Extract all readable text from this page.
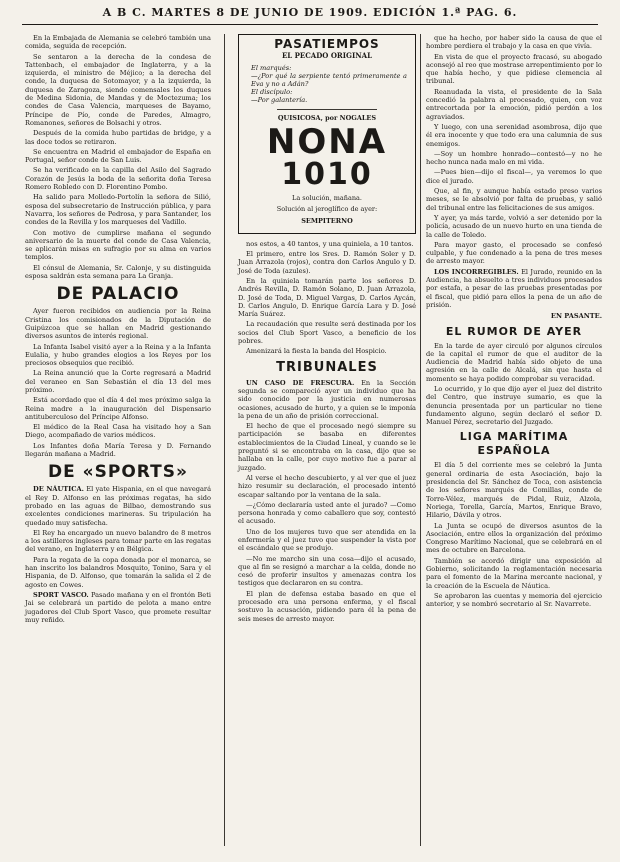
A B C. MARTES 8 DE JUNIO DE 1909. EDICIÓN 1.ª PAG. 6.

En la Embajada de Alemania se celebró también una comida, seguida de recepción.

Se sentaron a la derecha de la condesa de Tattenbach, el embajador de Inglaterra, y a la izquierda, el ministro de Méjico; a la derecha del conde, la duquesa de Sotomayor, y a la izquierda, la duquesa de Zaragoza, siendo comensales los duques de Medina Sidonia, de Mandas y de Moctezuma; los condes de Casa Valencia, marqueses de Bayamo, Príncipe de Pío, conde de Paredes, Almagro, Romanones, señores de Bolsachi y otros.

Después de la comida hubo partidas de bridge, y a las doce todos se retiraron.

Se encuentra en Madrid el embajador de España en Portugal, señor conde de San Luis.

Se ha verificado en la capilla del Asilo del Sagrado Corazón de Jesús la boda de la señorita doña Teresa Romero Robledo con D. Florentino Pombo.

Ha salido para Molledo-Portolín la señora de Silió, esposa del subsecretario de Instrucción pública, y para Navarra, los señores de Pedrosa, y para Santander, los condes de la Revilla y los marqueses del Vadillo.

Con motivo de cumplirse mañana el segundo aniversario de la muerte del conde de Casa Valencia, se aplicarán misas en sufragio por su alma en varios templos.

El cónsul de Alemania, Sr. Calonje, y su distinguida esposa saldrán esta semana para La Granja.

DE PALACIO

Ayer fueron recibidos en audiencia por la Reina Cristina los comisionados de la Diputación de Guipúzcoa que se hallan en Madrid gestionando diversos asuntos de interés regional.

La Infanta Isabel visitó ayer a la Reina y a la Infanta Eulalia, y hubo grandes elogios a los Reyes por los preciosos obsequios que recibió.

La Reina anunció que la Corte regresará a Madrid del veraneo en San Sebastián el día 13 del mes próximo.

Está acordado que el día 4 del mes próximo salga la Reina madre a la inauguración del Dispensario antituberculoso del Príncipe Alfonso.

El médico de la Real Casa ha visitado hoy a San Diego, acompañado de varios médicos.

Los Infantes doña María Teresa y D. Fernando llegarán mañana a Madrid.

DE «SPORTS»

DE NÁUTICA. El yate Hispania, en el que navegará el Rey D. Alfonso en las próximas regatas, ha sido probado en las aguas de Bilbao, demostrando sus excelentes condiciones marineras. Su tripulación ha quedado muy satisfecha.

El Rey ha encargado un nuevo balandro de 8 metros a los astilleros ingleses para tomar parte en las regatas del verano, en Inglaterra y en Bélgica.

Para la regata de la copa donada por el monarca, se han inscrito los balandros Mosquito, Tonino, Sara y el Hispania, de D. Alfonso, que tomarán la salida el 2 de agosto en Cowes.

SPORT VASCO. Pasado mañana y en el frontón Beti Jai se celebrará un partido de pelota a mano entre jugadores del Club Sport Vasco, que promete resultar muy reñido.

PASATIEMPOS
EL PECADO ORIGINAL
El marqués:
—¿Por qué la serpiente tentó primeramente a Eva y no a Adán?
El discípulo:
—Por galantería.
QUISICOSA, por NOGALES
NONA
1010
La solución, mañana.
Solución al jeroglífico de ayer:
SEMPITERNO

nos estos, a 40 tantos, y una quiniela, a 10 tantos.

El primero, entre los Sres. D. Ramón Soler y D. Juan Arrazola (rojos), contra don Carlos Angulo y D. José de Toda (azules).

En la quiniela tomarán parte los señores D. Andrés Revilla, D. Ramón Solano, D. Juan Arrazola, D. José de Toda, D. Miguel Vargas, D. Carlos Aycán, D. Carlos Angulo, D. Enrique García Lara y D. José María Suárez.

La recaudación que resulte será destinada por los socios del Club Sport Vasco, a beneficio de los pobres.

Amenizará la fiesta la banda del Hospicio.

TRIBUNALES

UN CASO DE FRESCURA. En la Sección segunda se compareció ayer un individuo que ha sido conocido por la justicia en numerosas ocasiones, acusado de hurto, y a quien se le imponía la pena de un año de prisión correccional.

El hecho de que el procesado negó siempre su participación se basaba en diferentes establecimientos de la Ciudad Lineal, y cuando se le preguntó si se encontraba en la casa, dijo que se hallaba en la calle, por cuyo motivo fue a parar al juzgado.

Al verse el hecho descubierto, y al ver que el juez hizo resumir su declaración, el procesado intentó escapar saltando por la ventana de la sala.

—¿Cómo declararía usted ante el jurado? —Como persona honrada y como caballero que soy, contestó el acusado.

Uno de los mujeres tuvo que ser atendida en la enfermería y el juez tuvo que suspender la vista por el escándalo que se produjo.

—No me marcho sin una cosa—dijo el acusado, que al fin se resignó a marchar a la celda, donde no cesó de proferir insultos y amenazas contra los testigos que declararon en su contra.

El plan de defensa estaba basado en que el procesado era una persona enferma, y el fiscal sostuvo la acusación, pidiendo para él la pena de seis meses de arresto mayor.

que ha hecho, por haber sido la causa de que el hombre perdiera el trabajo y la casa en que vivía.

En vista de que el proyecto fracasó, su abogado aconsejó al reo que mostrase arrepentimiento por lo que había hecho, y que pidiese clemencia al tribunal.

Reanudada la vista, el presidente de la Sala concedió la palabra al procesado, quien, con voz entrecortada por la emoción, pidió perdón a los agraviados.

Y luego, con una serenidad asombrosa, dijo que él era inocente y que todo era una calumnia de sus enemigos.

—Soy un hombre honrado—contestó—y no he hecho nunca nada malo en mi vida.

—Pues bien—dijo el fiscal—, ya veremos lo que dice el jurado.

Que, al fin, y aunque había estado preso varios meses, se le absolvió por falta de pruebas, y salió del tribunal entre las felicitaciones de sus amigos.

Y ayer, ya más tarde, volvió a ser detenido por la policía, acusado de un nuevo hurto en una tienda de la calle de Toledo.

Para mayor gasto, el procesado se confesó culpable, y fue condenado a la pena de tres meses de arresto mayor.

LOS INCORREGIBLES. El Jurado, reunido en la Audiencia, ha absuelto a tres individuos procesados por estafa, a pesar de las pruebas presentadas por el fiscal, que pidió para ellos la pena de un año de prisión.

EN PASANTE.
EL RUMOR DE AYER

En la tarde de ayer circuló por algunos círculos de la capital el rumor de que el auditor de la Audiencia de Madrid había sido objeto de una agresión en la calle de Alcalá, sin que hasta el momento se haya podido comprobar su veracidad.

Lo ocurrido, y lo que dijo ayer el juez del distrito del Centro, que instruye sumario, es que la denuncia presentada por un particular no tiene fundamento alguno, según declaró el señor D. Manuel Pérez, secretario del Juzgado.

LIGA MARÍTIMA
ESPAÑOLA

El día 5 del corriente mes se celebró la Junta general ordinaria de esta Asociación, bajo la presidencia del Sr. Sánchez de Toca, con asistencia de los señores marqués de Comillas, conde de Torre-Vélez, marqués de Pidal, Ruiz, Alzola, Noriega, Torella, García, Martos, Enrique Bravo, Hilario, Dávila y otros.

La Junta se ocupó de diversos asuntos de la Asociación, entre ellos la organización del próximo Congreso Marítimo Nacional, que se celebrará en el mes de octubre en Barcelona.

También se acordó dirigir una exposición al Gobierno, solicitando la reglamentación necesaria para el fomento de la Marina mercante nacional, y la creación de la Escuela de Náutica.

Se aprobaron las cuentas y memoria del ejercicio anterior, y se nombró secretario al Sr. Navarrete.
